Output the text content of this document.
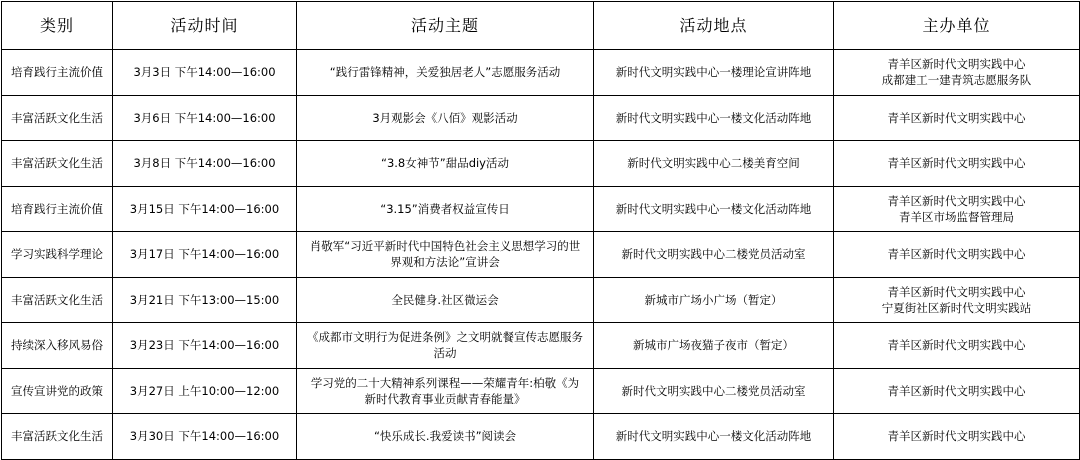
类别	活动时间	活动主题	活动地点	主办单位
培育践行主流价值	3月3日 下午14:00—16:00	“践行雷锋精神，关爱独居老人”志愿服务活动	新时代文明实践中心一楼理论宣讲阵地	青羊区新时代文明实践中心
成都建工一建青筑志愿服务队

丰富活跃文化生活	3月6日 下午14:00—16:00	3月观影会《八佰》观影活动	新时代文明实践中心一楼文化活动阵地	青羊区新时代文明实践中心

丰富活跃文化生活	3月8日 下午14:00—16:00	“3.8女神节”甜品diy活动	新时代文明实践中心二楼美育空间	青羊区新时代文明实践中心

培育践行主流价值	3月15日 下午14:00—16:00	“3.15”消费者权益宣传日	新时代文明实践中心一楼文化活动阵地	青羊区新时代文明实践中心
青羊区市场监督管理局

学习实践科学理论	3月17日 下午14:00—16:00	肖敬军“习近平新时代中国特色社会主义思想学习的世界观和方法论”宣讲会	新时代文明实践中心二楼党员活动室	青羊区新时代文明实践中心

丰富活跃文化生活	3月21日 下午13:00—15:00	全民健身.社区微运会	新城市广场小广场（暂定）	青羊区新时代文明实践中心
宁夏街社区新时代文明实践站

持续深入移风易俗	3月23日 下午14:00—16:00	《成都市文明行为促进条例》之文明就餐宣传志愿服务活动	新城市广场夜猫子夜市（暂定）	青羊区新时代文明实践中心

宣传宣讲党的政策	3月27日 上午10:00—12:00	学习党的二十大精神系列课程——荣耀青年:柏敬《为新时代教育事业贡献青春能量》	新时代文明实践中心二楼党员活动室	青羊区新时代文明实践中心

丰富活跃文化生活	3月30日 下午14:00—16:00	“快乐成长.我爱读书”阅读会	新时代文明实践中心一楼文化活动阵地	青羊区新时代文明实践中心
